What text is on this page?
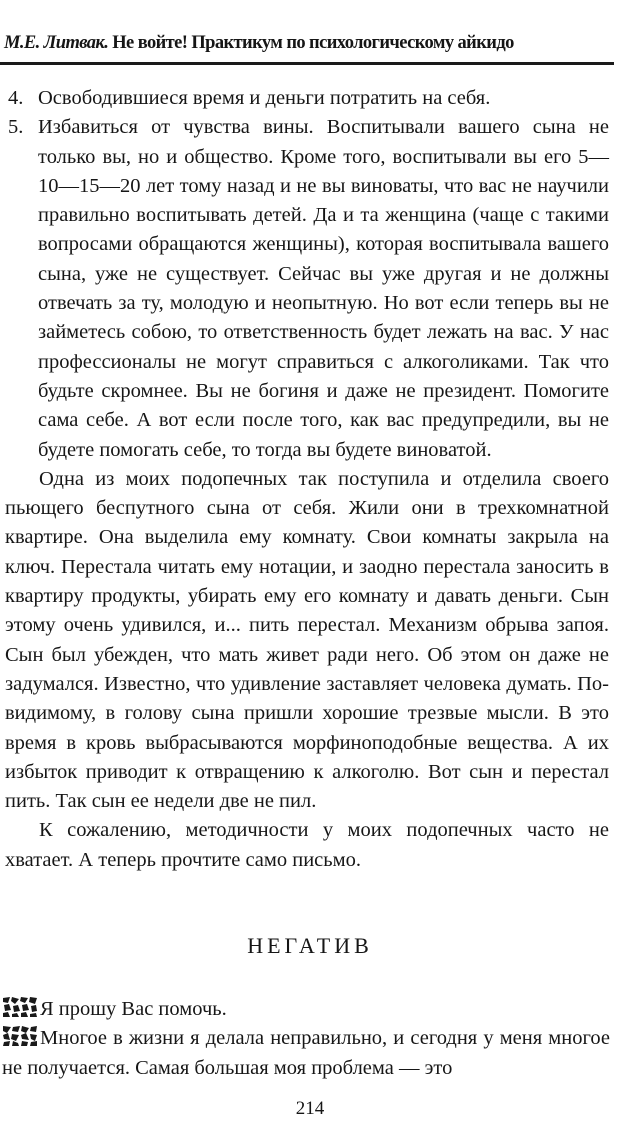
М.Е. Литвак. Не войте! Практикум по психологическому айкидо
4. Освободившиеся время и деньги потратить на себя.
5. Избавиться от чувства вины. Воспитывали вашего сына не только вы, но и общество. Кроме того, воспитывали вы его 5—10—15—20 лет тому назад и не вы виноваты, что вас не научили правильно воспитывать детей. Да и та женщина (чаще с такими вопросами обращаются женщины), которая воспитывала вашего сына, уже не существует. Сейчас вы уже другая и не должны отвечать за ту, молодую и неопытную. Но вот если теперь вы не займетесь собою, то ответственность будет лежать на вас. У нас профессионалы не могут справиться с алкоголиками. Так что будьте скромнее. Вы не богиня и даже не президент. Помогите сама себе. А вот если после того, как вас предупредили, вы не будете помогать себе, то тогда вы будете виноватой.

Одна из моих подопечных так поступила и отделила своего пьющего беспутного сына от себя. Жили они в трехкомнатной квартире. Она выделила ему комнату. Свои комнаты закрыла на ключ. Перестала читать ему нотации, и заодно перестала заносить в квартиру продукты, убирать ему его комнату и давать деньги. Сын этому очень удивился, и... пить перестал. Механизм обрыва запоя. Сын был убежден, что мать живет ради него. Об этом он даже не задумался. Известно, что удивление заставляет человека думать. По-видимому, в голову сына пришли хорошие трезвые мысли. В это время в кровь выбрасываются морфиноподобные вещества. А их избыток приводит к отвращению к алкоголю. Вот сын и перестал пить. Так сын ее недели две не пил.

К сожалению, методичности у моих подопечных часто не хватает. А теперь прочтите само письмо.

НЕГАТИВ

Я прошу Вас помочь.

Многое в жизни я делала неправильно, и сегодня у меня многое не получается. Самая большая моя проблема — это

214
